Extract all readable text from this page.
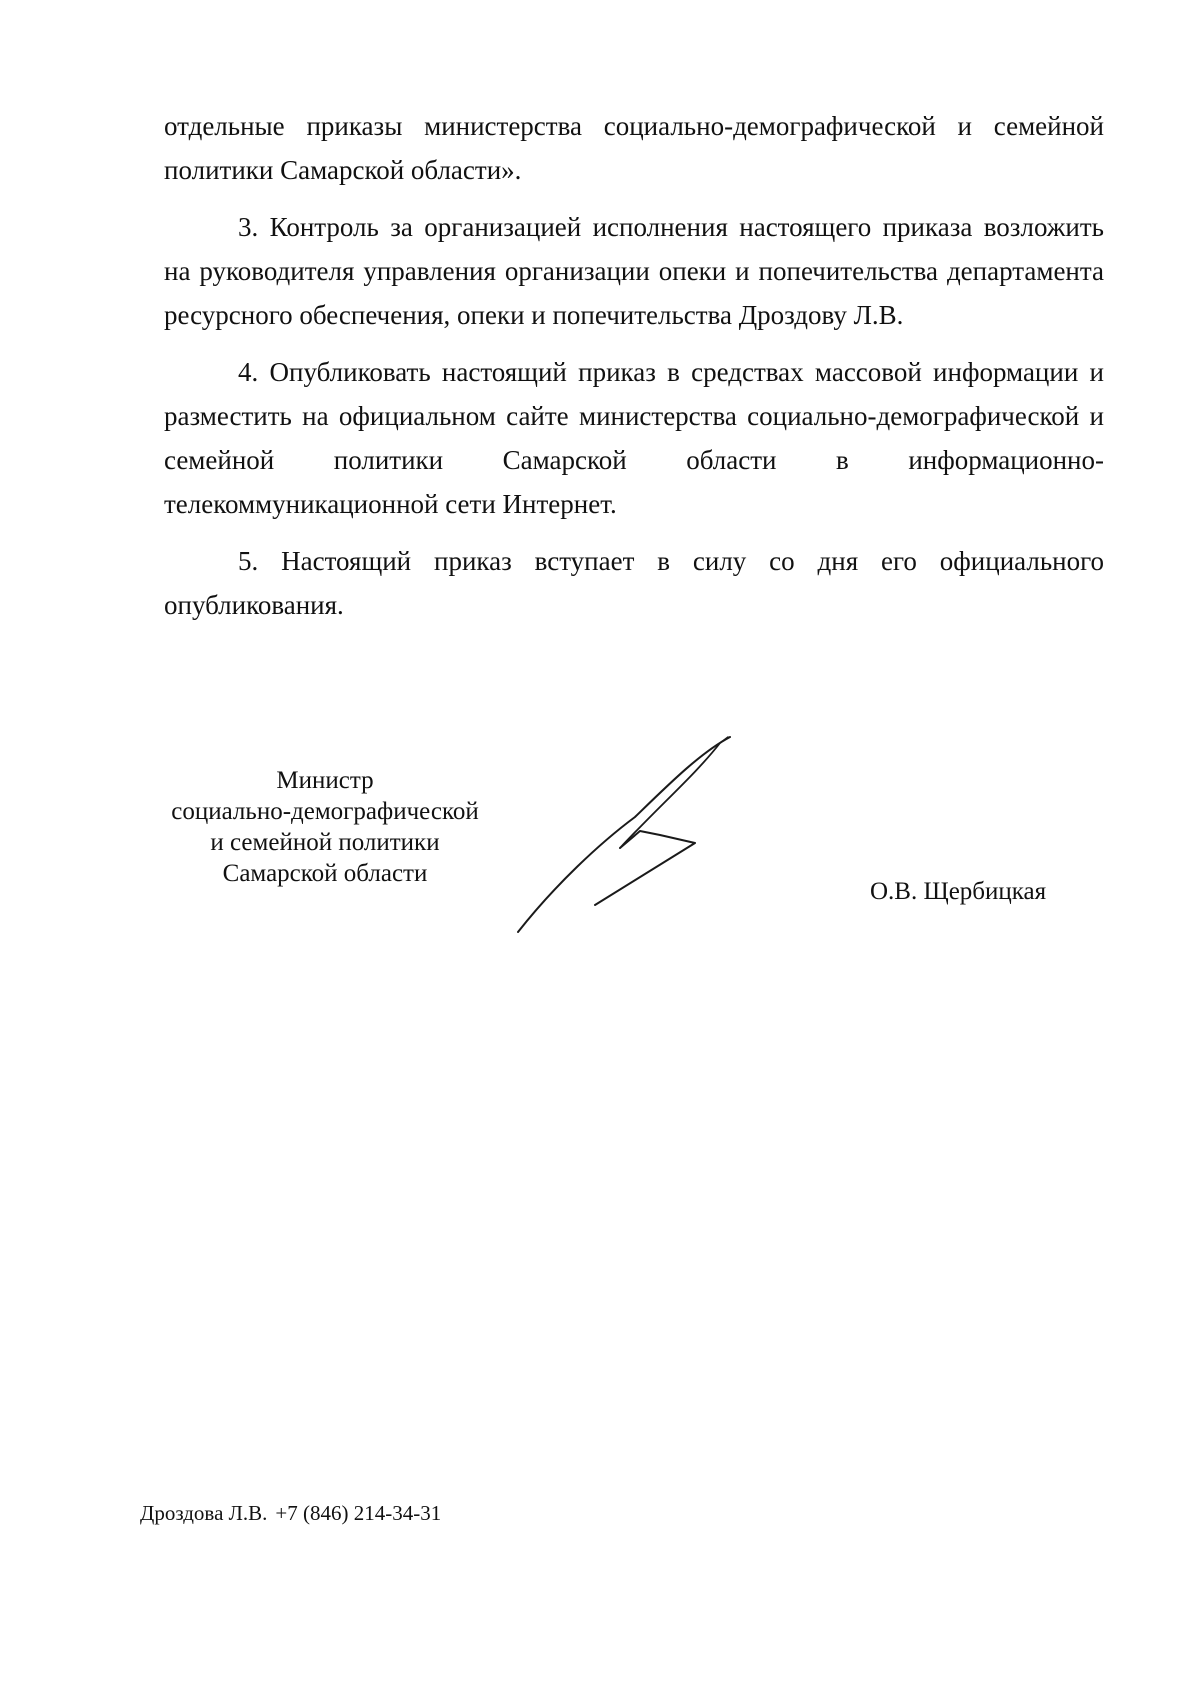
отдельные приказы министерства социально-демографической и семейной политики Самарской области».

3. Контроль за организацией исполнения настоящего приказа возложить на руководителя управления организации опеки и попечительства департамента ресурсного обеспечения, опеки и попечительства Дроздову Л.В.

4. Опубликовать настоящий приказ в средствах массовой информации и разместить на официальном сайте министерства социально-демографической и семейной политики Самарской области в информационно-телекоммуникационной сети Интернет.

5. Настоящий приказ вступает в силу со дня его официального опубликования.

Министр
социально-демографической
и семейной политики
Самарской области
О.В. Щербицкая
Дроздова Л.В. +7 (846) 214-34-31
